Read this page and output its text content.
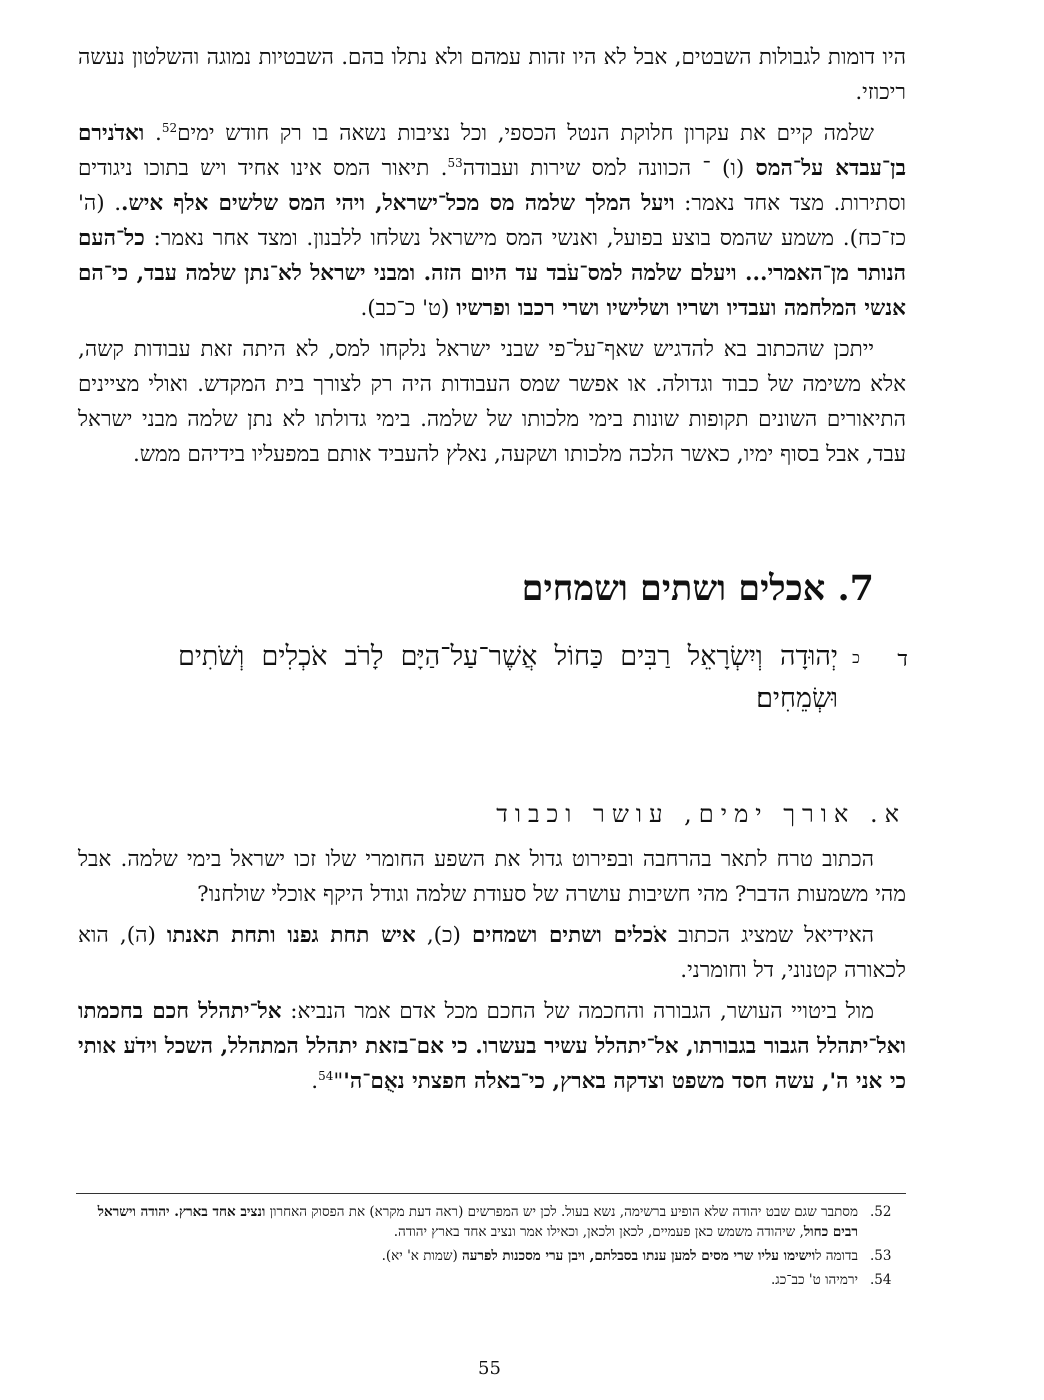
היו דומות לגבולות השבטים, אבל לא היו זהות עמהם ולא נתלו בהם. השבטיות נמוגה והשלטון נעשה ריכוזי.

שלמה קיים את עקרון חלוקת הנטל הכספי, וכל נציבות נשאה בו רק חודש ימים$^{52}$. ואדֹנירם בן־עבדא על־המס (ו) ־ הכוונה למס שירות ועבודה$^{53}$. תיאור המס אינו אחיד ויש בתוכו ניגודים וסתירות. מצד אחד נאמר: ויעל המלך שלמה מס מכל־ישראל, ויהי המס שלשים אלף איש.. (ה' כז־כח). משמע שהמס בוצע בפועל, ואנשי המס מישראל נשלחו ללבנון. ומצד אחר נאמר: כל־העם הנותר מן־האמרי... ויעלם שלמה למס־עֹבד עד היום הזה. ומבני ישראל לא־נתן שלמה עבד, כי־הם אנשי המלחמה ועבדיו ושריו ושלישיו ושרי רכבו ופרשיו (ט' כ־כב).

ייתכן שהכתוב בא להדגיש שאף־על־פי שבני ישראל נלקחו למס, לא היתה זאת עבודות קשה, אלא משימה של כבוד וגדולה. או אפשר שמס העבודות היה רק לצורך בית המקדש. ואולי מציינים התיאורים השונים תקופות שונות בימי מלכותו של שלמה. בימי גדולתו לא נתן שלמה מבני ישראל עבד, אבל בסוף ימיו, כאשר הלכה מלכותו ושקעה, נאלץ להעביד אותם במפעליו בידיהם ממש.

7. אכלים ושתים ושמחים
ד
כ
יְהוּדָה וְיִשְׂרָאֵל רַבִּים כַּחוֹל אֲשֶׁר־עַל־הַיָּם לָרֹב אֹכְלִים וְשֹׁתִים וּשְׂמֵחִים׃
א. אורך ימים, עושר וכבוד

הכתוב טרח לתאר בהרחבה ובפירוט גדול את השפע החומרי שלו זכו ישראל בימי שלמה. אבל מהי משמעות הדבר? מהי חשיבות עושרה של סעודת שלמה וגודל היקף אוכלי שולחנו?

האידיאל שמציג הכתוב אֹכלים ושתים ושמחים (כ), איש תחת גפנו ותחת תאנתו (ה), הוא לכאורה קטנוני, דל וחומרני.

מול ביטויי העושר, הגבורה והחכמה של החכם מכל אדם אמר הנביא: אל־יתהלל חכם בחכמתו ואל־יתהלל הגבור בגבורתו, אל־יתהלל עשיר בעשרו. כי אם־בזאת יתהלל המתהלל, השכל וידֹע אותי כי אני ה', עשה חסד משפט וצדקה בארץ, כי־באלה חפצתי נאֻם־ה'"$^{54}$.

52.
מסתבר שגם שבט יהודה שלא הופיע ברשימה, נשא בעול. לכן יש המפרשים (ראה דעת מקרא) את הפסוק האחרון ונציב אחד בארץ. יהודה וישראל רבים כחול, שיהודה משמש כאן פעמיים, לכאן ולכאן, וכאילו אמר ונציב אחד בארץ יהודה.
53.
בדומה לוישימו עליו שרי מסים למען ענתו בסבלתם, ויבן ערי מסכנות לפרעה (שמות א' יא).
54.
ירמיהו ט' כב־כג.
55
